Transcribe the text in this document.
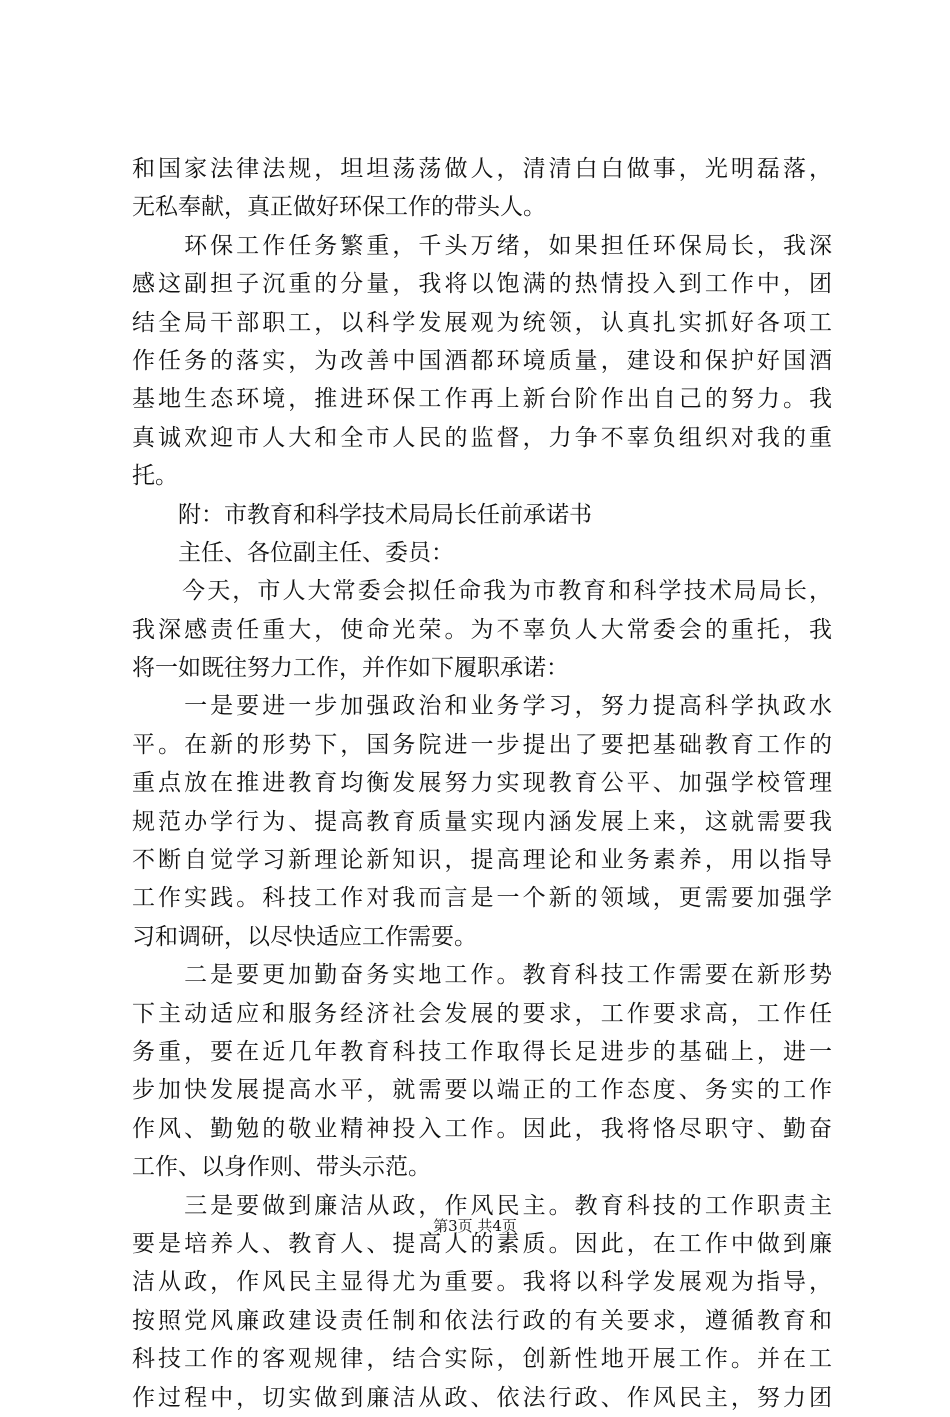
和国家法律法规，坦坦荡荡做人，清清白白做事，光明磊落，
无私奉献，真正做好环保工作的带头人。
　　环保工作任务繁重，千头万绪，如果担任环保局长，我深
感这副担子沉重的分量，我将以饱满的热情投入到工作中，团
结全局干部职工，以科学发展观为统领，认真扎实抓好各项工
作任务的落实，为改善中国酒都环境质量，建设和保护好国酒
基地生态环境，推进环保工作再上新台阶作出自己的努力。我
真诚欢迎市人大和全市人民的监督，力争不辜负组织对我的重
托。
　　附：市教育和科学技术局局长任前承诺书
　　主任、各位副主任、委员：
　　今天，市人大常委会拟任命我为市教育和科学技术局局长，
我深感责任重大，使命光荣。为不辜负人大常委会的重托，我
将一如既往努力工作，并作如下履职承诺：
　　一是要进一步加强政治和业务学习，努力提高科学执政水
平。在新的形势下，国务院进一步提出了要把基础教育工作的
重点放在推进教育均衡发展努力实现教育公平、加强学校管理
规范办学行为、提高教育质量实现内涵发展上来，这就需要我
不断自觉学习新理论新知识，提高理论和业务素养，用以指导
工作实践。科技工作对我而言是一个新的领域，更需要加强学
习和调研，以尽快适应工作需要。
　　二是要更加勤奋务实地工作。教育科技工作需要在新形势
下主动适应和服务经济社会发展的要求，工作要求高，工作任
务重，要在近几年教育科技工作取得长足进步的基础上，进一
步加快发展提高水平，就需要以端正的工作态度、务实的工作
作风、勤勉的敬业精神投入工作。因此，我将恪尽职守、勤奋
工作、以身作则、带头示范。
　　三是要做到廉洁从政，作风民主。教育科技的工作职责主
要是培养人、教育人、提高人的素质。因此，在工作中做到廉
洁从政，作风民主显得尤为重要。我将以科学发展观为指导，
按照党风廉政建设责任制和依法行政的有关要求，遵循教育和
科技工作的客观规律，结合实际，创新性地开展工作。并在工
作过程中，切实做到廉洁从政、依法行政、作风民主，努力团
第3页 共4页
